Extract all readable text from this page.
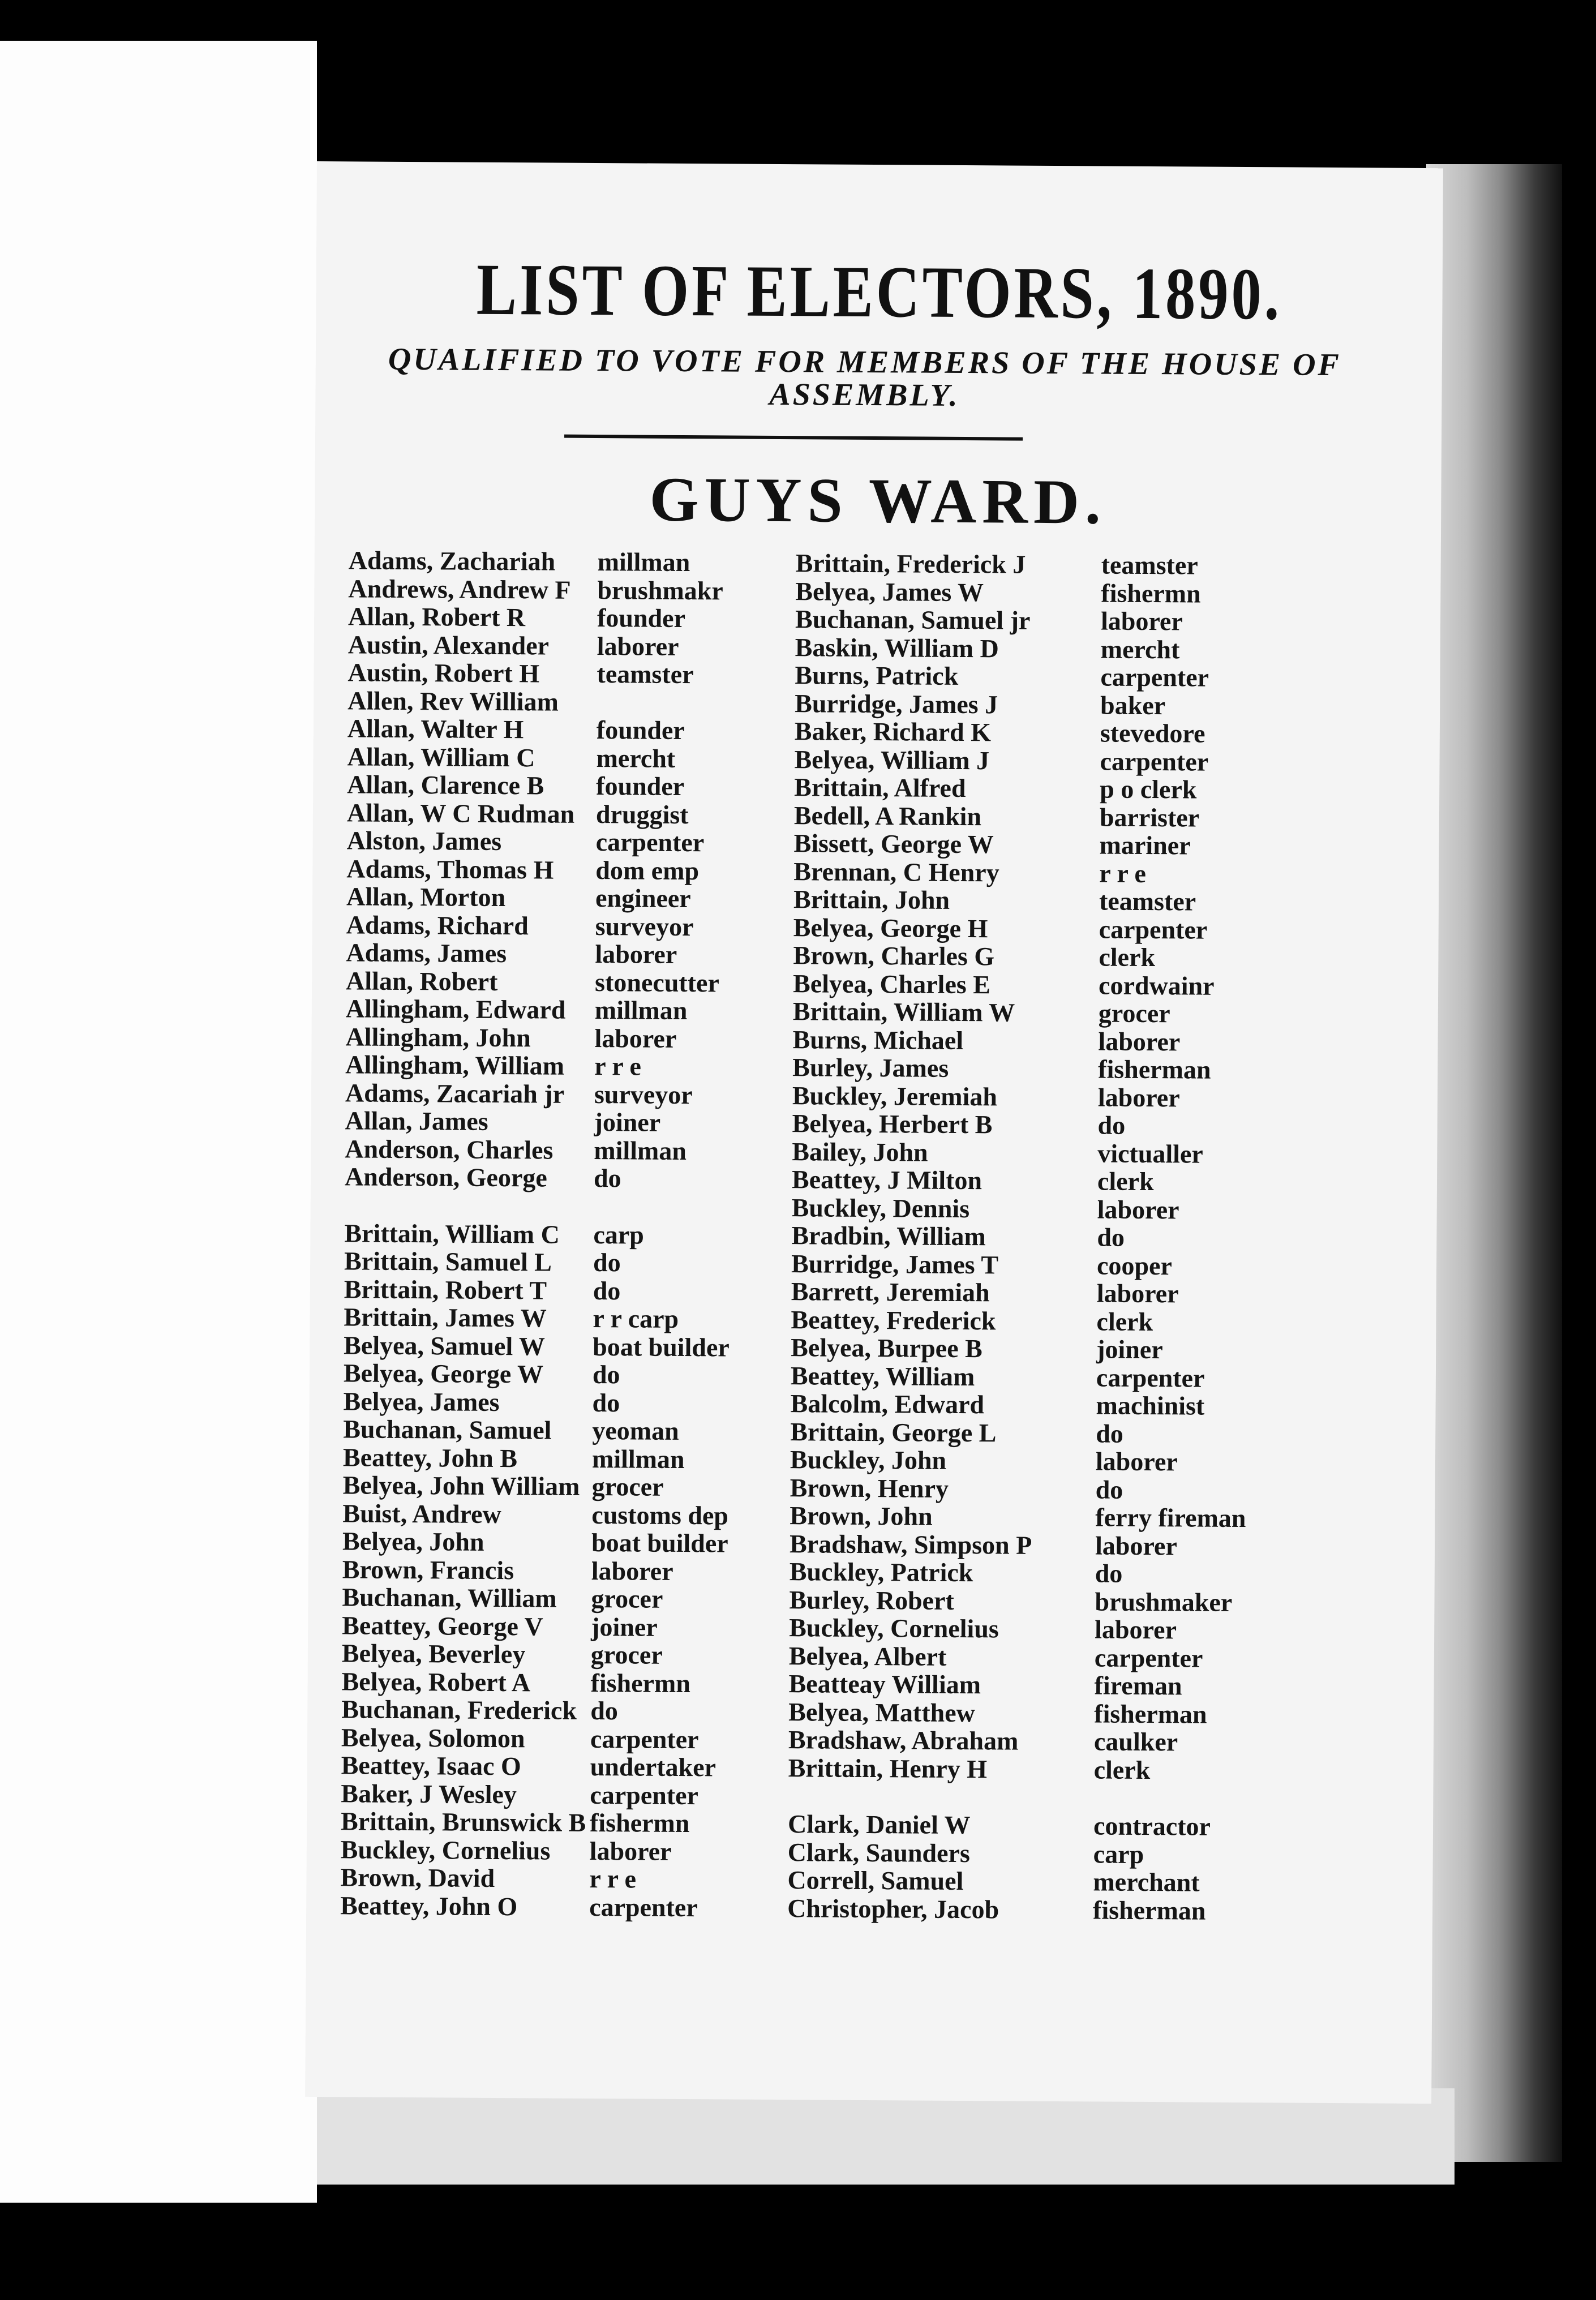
LIST OF ELECTORS, 1890.

QUALIFIED TO VOTE FOR MEMBERS OF THE HOUSE OF ASSEMBLY.

GUYS WARD.
Adams, Zachariah millman
Andrews, Andrew F brushmakr
Allan, Robert R	founder
Austin, Alexander laborer
Austin, Robert H teamster
Allen, Rev William
Allan, Walter H	founder
Allan, William C mercht
Allan, Clarence B founder
Allan, W C Rudman druggist
Alston, James	carpenter
Adams, Thomas H dom emp
Allan, Morton	engineer
Adams, Richard	surveyor
Adams, James	laborer
Allan, Robert	stonecutter
Allingham, Edward millman
Allingham, John laborer
Allingham, William r r e
Adams, Zacariah jr surveyor
Allan, James	joiner
Anderson, Charles millman
Anderson, George do
Brittain, William C carp
Brittain, Samuel L do
Brittain, Robert T do
Brittain, James W r r carp
Belyea, Samuel W boat builder
Belyea, George W do
Belyea, James	do
Buchanan, Samuel yeoman
Beattey, John B	millman
Belyea, John William grocer
Buist, Andrew	customs dep
Belyea, John	boat builder
Brown, Francis	laborer
Buchanan, William grocer
Beattey, George V joiner
Belyea, Beverley	grocer
Belyea, Robert A fishermn
Buchanan, Frederick do
Belyea, Solomon	carpenter
Beattey, Isaac O	undertaker
Baker, J Wesley	carpenter
Brittain, Brunswick B fishermn
Buckley, Cornelius laborer
Brown, David	r r e
Beattey, John O	carpenter
Brittain, Frederick J	teamster
Belyea, James W	fishermn
Buchanan, Samuel jr	laborer
Baskin, William D	mercht
Burns, Patrick	carpenter
Burridge, James J	baker
Baker, Richard K	stevedore
Belyea, William J	carpenter
Brittain, Alfred	p o clerk
Bedell, A Rankin	barrister
Bissett, George W	mariner
Brennan, C Henry	r r e
Brittain, John	teamster
Belyea, George H	carpenter
Brown, Charles G	clerk
Belyea, Charles E	cordwainr
Brittain, William W	grocer
Burns, Michael	laborer
Burley, James	fisherman
Buckley, Jeremiah	laborer
Belyea, Herbert B	do
Bailey, John	victualler
Beattey, J Milton	clerk
Buckley, Dennis	laborer
Bradbin, William	do
Burridge, James T	cooper
Barrett, Jeremiah	laborer
Beattey, Frederick	clerk
Belyea, Burpee B	joiner
Beattey, William	carpenter
Balcolm, Edward	machinist
Brittain, George L	do
Buckley, John	laborer
Brown, Henry	do
Brown, John	ferry fireman
Bradshaw, Simpson P laborer
Buckley, Patrick	do
Burley, Robert	brushmaker
Buckley, Cornelius	laborer
Belyea, Albert	carpenter
Beatteay William	fireman
Belyea, Matthew	fisherman
Bradshaw, Abraham	caulker
Brittain, Henry H	clerk
Clark, Daniel W	contractor
Clark, Saunders	carp
Correll, Samuel	merchant
Christopher, Jacob	fisherman
